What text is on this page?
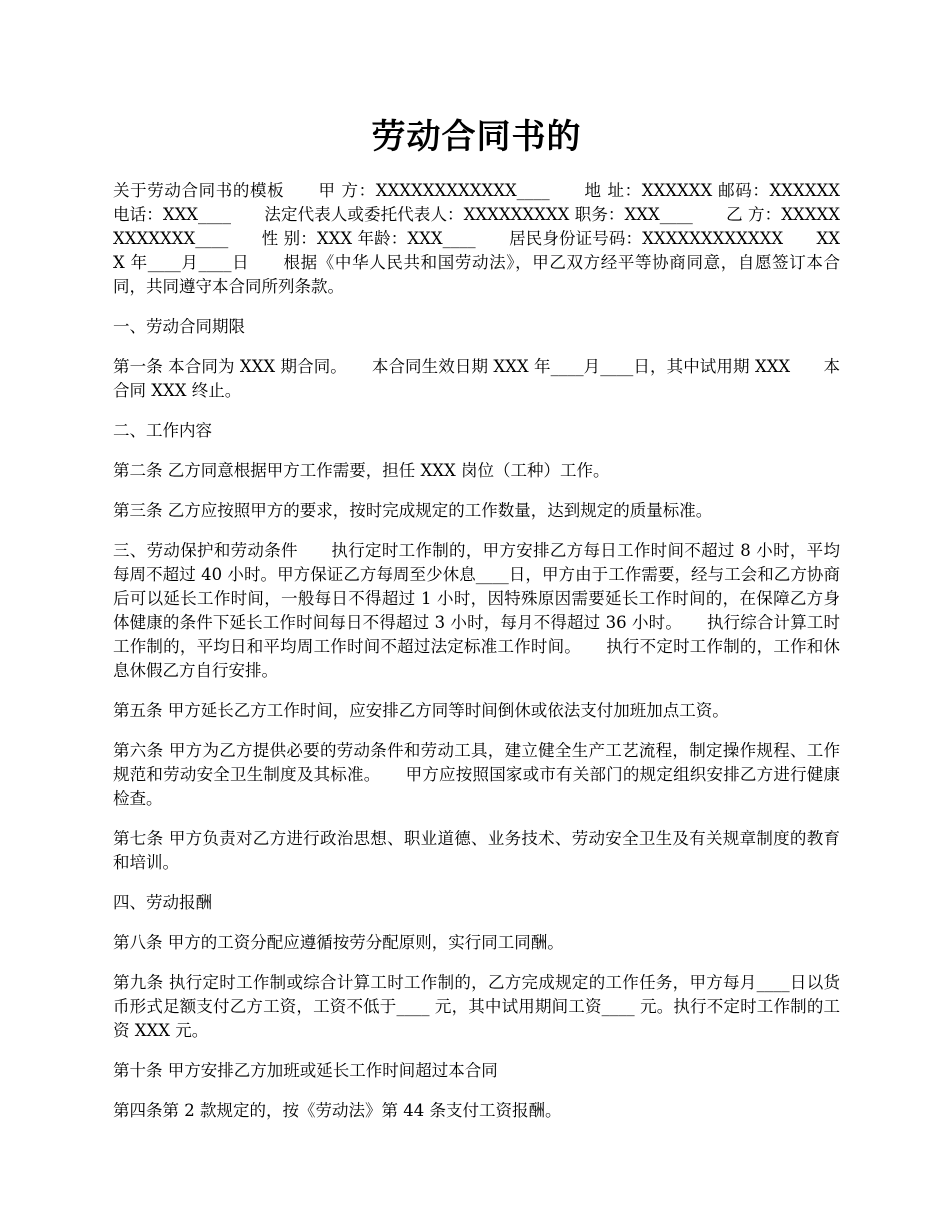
劳动合同书的

关于劳动合同书的模板　　甲 方：XXXXXXXXXXXX____　　地 址：XXXXXX 邮码：XXXXXX 电话：XXX____　　法定代表人或委托代表人：XXXXXXXXX 职务：XXX____　　乙 方：XXXXXXXXXXXX____　　性 别：XXX 年龄：XXX____　　居民身份证号码：XXXXXXXXXXXX　　XXX 年____月____日　　根据《中华人民共和国劳动法》，甲乙双方经平等协商同意，自愿签订本合同，共同遵守本合同所列条款。

一、劳动合同期限

第一条 本合同为 XXX 期合同。　　本合同生效日期 XXX 年____月____日，其中试用期 XXX　　本合同 XXX 终止。

二、工作内容

第二条 乙方同意根据甲方工作需要，担任 XXX 岗位（工种）工作。

第三条 乙方应按照甲方的要求，按时完成规定的工作数量，达到规定的质量标准。

三、劳动保护和劳动条件　　执行定时工作制的，甲方安排乙方每日工作时间不超过 8 小时，平均每周不超过 40 小时。甲方保证乙方每周至少休息____日，甲方由于工作需要，经与工会和乙方协商后可以延长工作时间，一般每日不得超过 1 小时，因特殊原因需要延长工作时间的，在保障乙方身体健康的条件下延长工作时间每日不得超过 3 小时，每月不得超过 36 小时。　　执行综合计算工时工作制的，平均日和平均周工作时间不超过法定标准工作时间。　　执行不定时工作制的，工作和休息休假乙方自行安排。

第五条 甲方延长乙方工作时间，应安排乙方同等时间倒休或依法支付加班加点工资。

第六条 甲方为乙方提供必要的劳动条件和劳动工具，建立健全生产工艺流程，制定操作规程、工作规范和劳动安全卫生制度及其标准。　　甲方应按照国家或市有关部门的规定组织安排乙方进行健康检查。

第七条 甲方负责对乙方进行政治思想、职业道德、业务技术、劳动安全卫生及有关规章制度的教育和培训。

四、劳动报酬

第八条 甲方的工资分配应遵循按劳分配原则，实行同工同酬。

第九条 执行定时工作制或综合计算工时工作制的，乙方完成规定的工作任务，甲方每月____日以货币形式足额支付乙方工资，工资不低于____ 元，其中试用期间工资____ 元。执行不定时工作制的工资 XXX 元。

第十条 甲方安排乙方加班或延长工作时间超过本合同

第四条第 2 款规定的，按《劳动法》第 44 条支付工资报酬。
